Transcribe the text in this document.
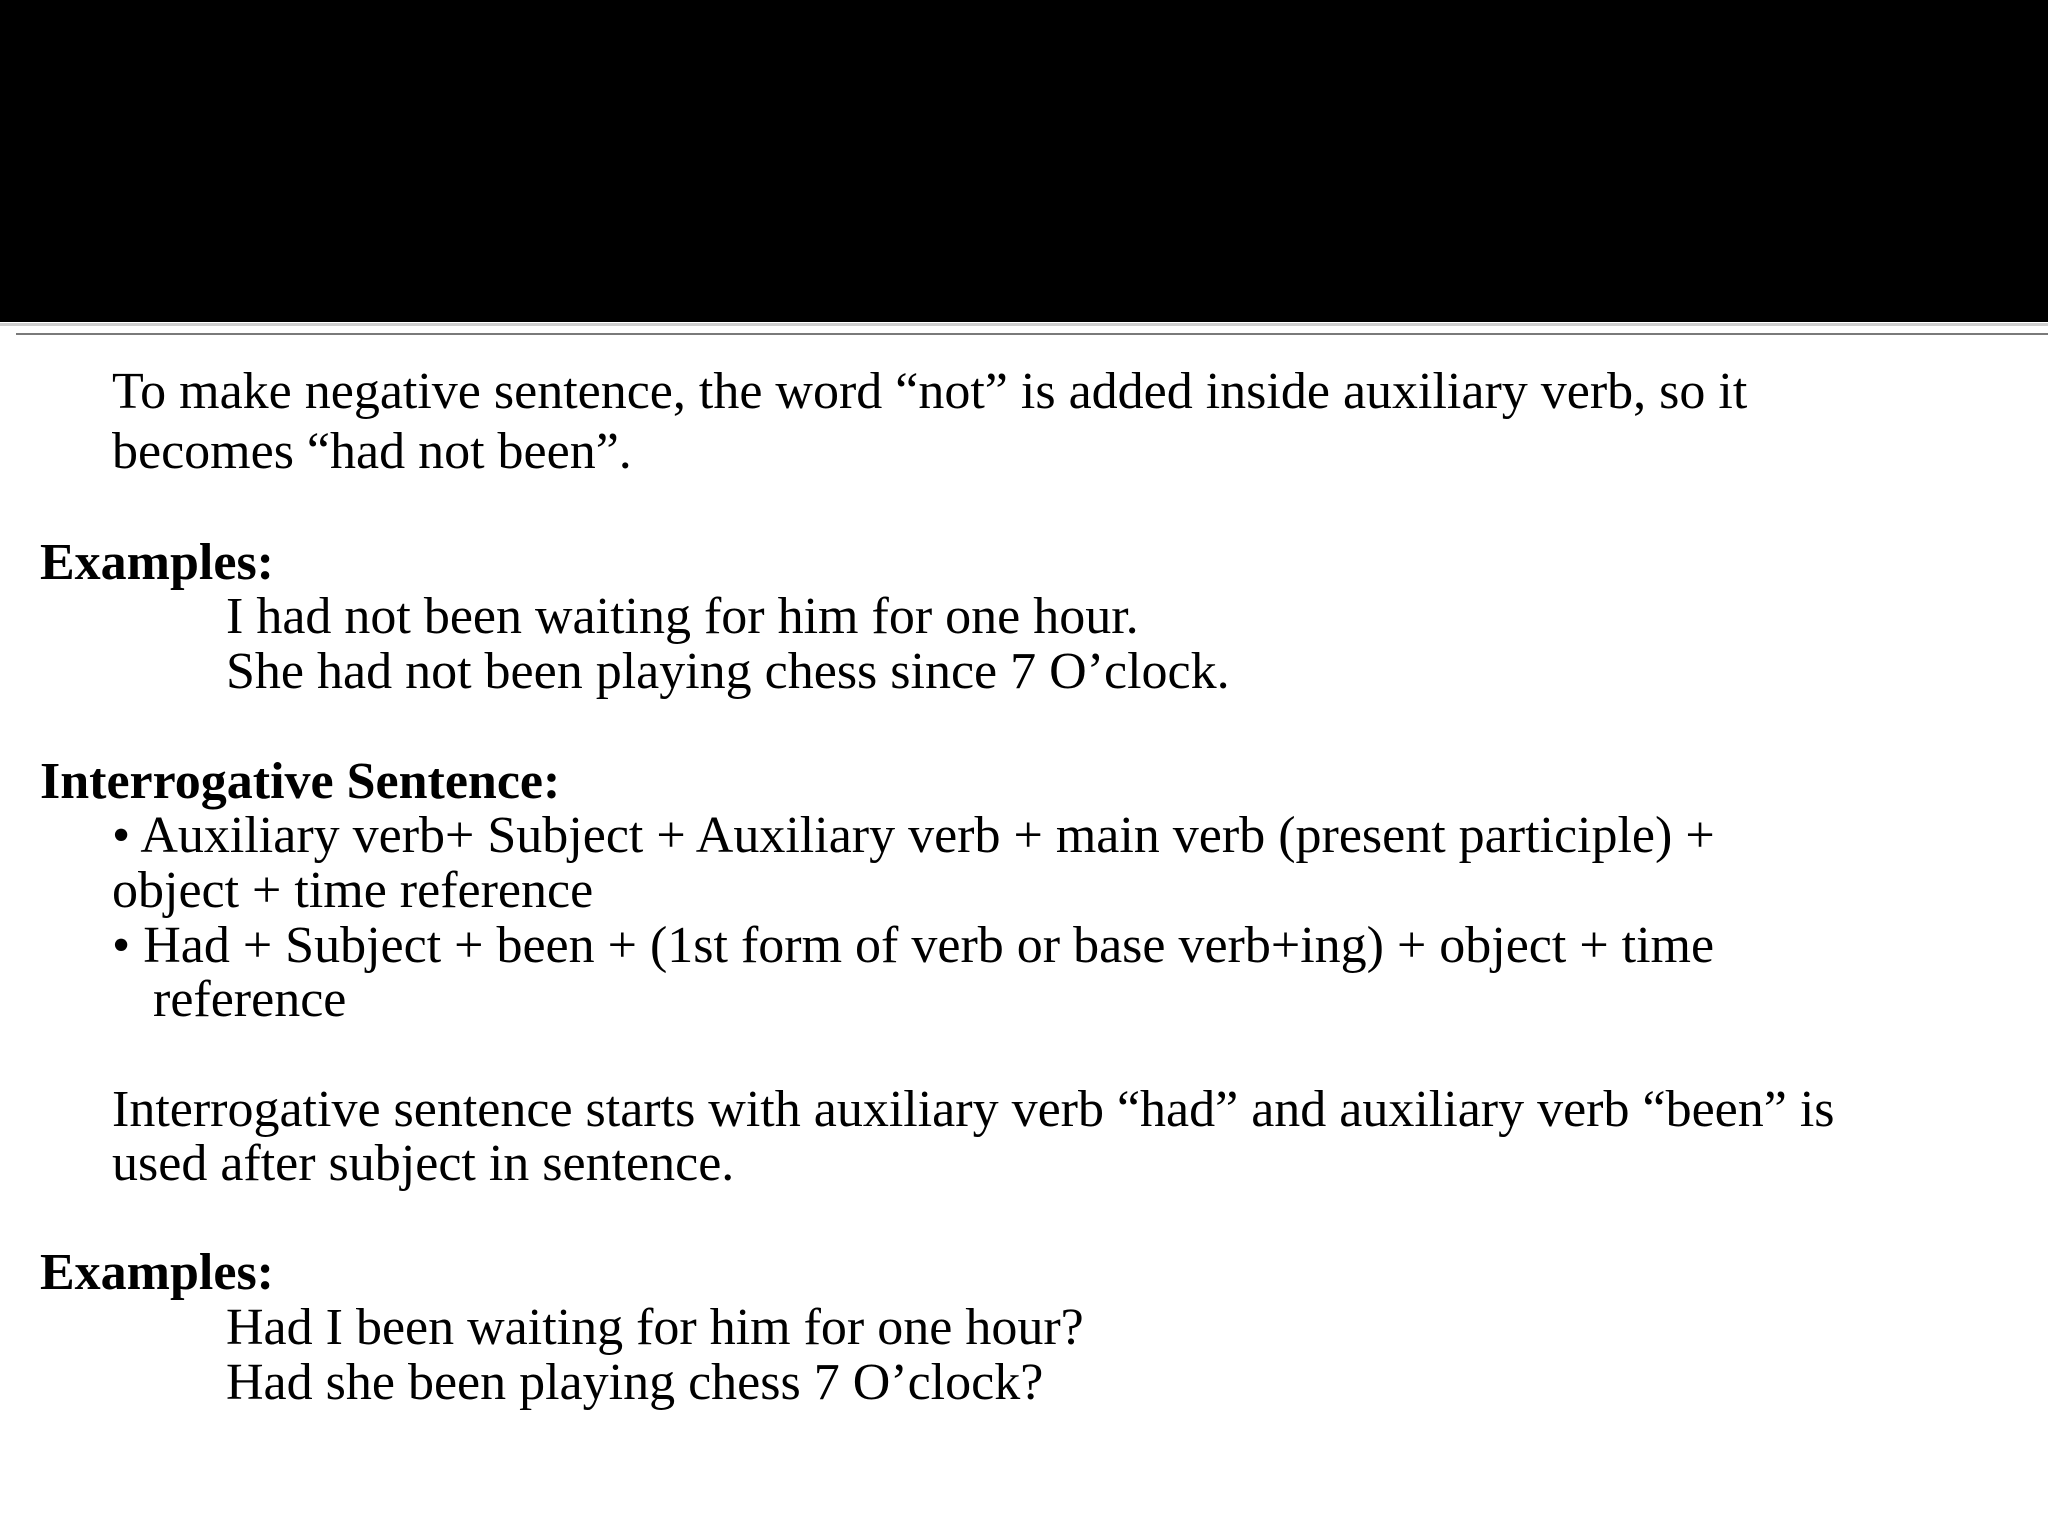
To make negative sentence, the word “not” is added inside auxiliary verb, so it
becomes “had not been”.
Examples:
I had not been waiting for him for one hour.
She had not been playing chess since 7 O’clock.
Interrogative Sentence:
• Auxiliary verb+ Subject + Auxiliary verb + main verb (present participle) +
object + time reference
• Had + Subject + been + (1st form of verb or base verb+ing) + object + time
reference
Interrogative sentence starts with auxiliary verb “had” and auxiliary verb “been” is
used after subject in sentence.
Examples:
Had I been waiting for him for one hour?
Had she been playing chess 7 O’clock?
